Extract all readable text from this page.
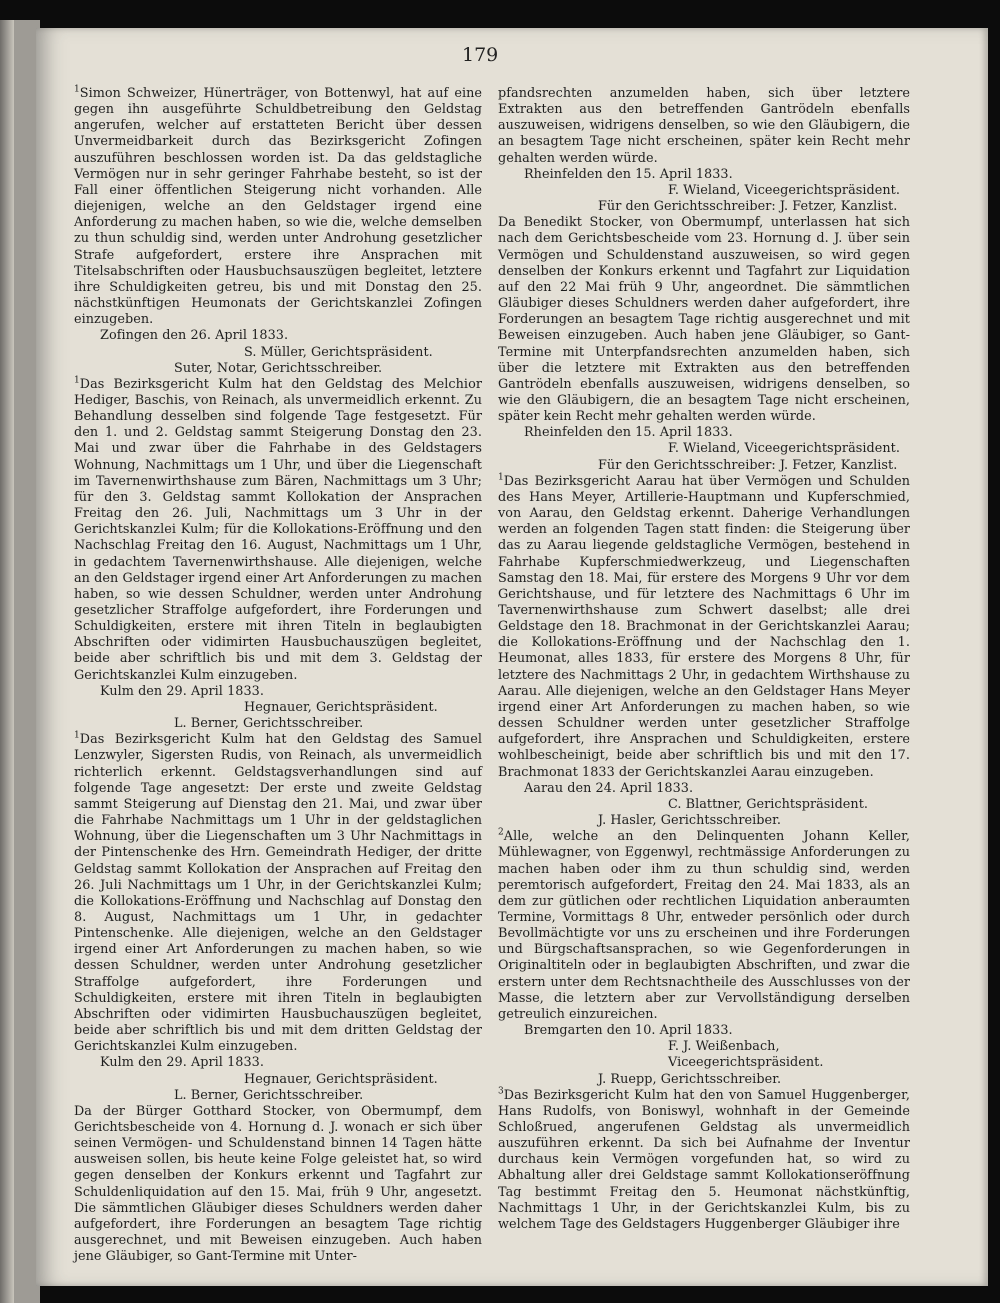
179

$^1$Simon Schweizer, Hünerträger, von Bottenwyl, hat auf eine gegen ihn ausgeführte Schuldbetreibung den Geldstag angerufen, welcher auf erstatteten Bericht über dessen Unvermeidbarkeit durch das Bezirksgericht Zofingen auszuführen beschlossen worden ist. Da das geldstagliche Vermögen nur in sehr geringer Fahrhabe besteht, so ist der Fall einer öffentlichen Steigerung nicht vorhanden. Alle diejenigen, welche an den Geldstager irgend eine Anforderung zu machen haben, so wie die, welche demselben zu thun schuldig sind, werden unter Androhung gesetzlicher Strafe aufgefordert, erstere ihre Ansprachen mit Titelsabschriften oder Hausbuchsauszügen begleitet, letztere ihre Schuldigkeiten getreu, bis und mit Donstag den 25. nächstkünftigen Heumonats der Gerichtskanzlei Zofingen einzugeben.

Zofingen den 26. April 1833.
S. Müller, Gerichtspräsident.
Suter, Notar, Gerichtsschreiber.

$^1$Das Bezirksgericht Kulm hat den Geldstag des Melchior Hediger, Baschis, von Reinach, als unvermeidlich erkennt. Zu Behandlung desselben sind folgende Tage festgesetzt. Für den 1. und 2. Geldstag sammt Steigerung Donstag den 23. Mai und zwar über die Fahrhabe in des Geldstagers Wohnung, Nachmittags um 1 Uhr, und über die Liegenschaft im Tavernenwirthshause zum Bären, Nachmittags um 3 Uhr; für den 3. Geldstag sammt Kollokation der Ansprachen Freitag den 26. Juli, Nachmittags um 3 Uhr in der Gerichtskanzlei Kulm; für die Kollokations-Eröffnung und den Nachschlag Freitag den 16. August, Nachmittags um 1 Uhr, in gedachtem Tavernenwirthshause. Alle diejenigen, welche an den Geldstager irgend einer Art Anforderungen zu machen haben, so wie dessen Schuldner, werden unter Androhung gesetzlicher Straffolge aufgefordert, ihre Forderungen und Schuldigkeiten, erstere mit ihren Titeln in beglaubigten Abschriften oder vidimirten Hausbuchauszügen begleitet, beide aber schriftlich bis und mit dem 3. Geldstag der Gerichtskanzlei Kulm einzugeben.

Kulm den 29. April 1833.
Hegnauer, Gerichtspräsident.
L. Berner, Gerichtsschreiber.

$^1$Das Bezirksgericht Kulm hat den Geldstag des Samuel Lenzwyler, Sigersten Rudis, von Reinach, als unvermeidlich richterlich erkennt. Geldstagsverhandlungen sind auf folgende Tage angesetzt: Der erste und zweite Geldstag sammt Steigerung auf Dienstag den 21. Mai, und zwar über die Fahrhabe Nachmittags um 1 Uhr in der geldstaglichen Wohnung, über die Liegenschaften um 3 Uhr Nachmittags in der Pintenschenke des Hrn. Gemeindrath Hediger, der dritte Geldstag sammt Kollokation der Ansprachen auf Freitag den 26. Juli Nachmittags um 1 Uhr, in der Gerichtskanzlei Kulm; die Kollokations-Eröffnung und Nachschlag auf Donstag den 8. August, Nachmittags um 1 Uhr, in gedachter Pintenschenke. Alle diejenigen, welche an den Geldstager irgend einer Art Anforderungen zu machen haben, so wie dessen Schuldner, werden unter Androhung gesetzlicher Straffolge aufgefordert, ihre Forderungen und Schuldigkeiten, erstere mit ihren Titeln in beglaubigten Abschriften oder vidimirten Hausbuchauszügen begleitet, beide aber schriftlich bis und mit dem dritten Geldstag der Gerichtskanzlei Kulm einzugeben.

Kulm den 29. April 1833.
Hegnauer, Gerichtspräsident.
L. Berner, Gerichtsschreiber.

Da der Bürger Gotthard Stocker, von Obermumpf, dem Gerichtsbescheide von 4. Hornung d. J. wonach er sich über seinen Vermögen- und Schuldenstand binnen 14 Tagen hätte ausweisen sollen, bis heute keine Folge geleistet hat, so wird gegen denselben der Konkurs erkennt und Tagfahrt zur Schuldenliquidation auf den 15. Mai, früh 9 Uhr, angesetzt. Die sämmtlichen Gläubiger dieses Schuldners werden daher aufgefordert, ihre Forderungen an besagtem Tage richtig ausgerechnet, und mit Beweisen einzugeben. Auch haben jene Gläubiger, so Gant-Termine mit Unter-

pfandsrechten anzumelden haben, sich über letztere Extrakten aus den betreffenden Gantrödeln ebenfalls auszuweisen, widrigens denselben, so wie den Gläubigern, die an besagtem Tage nicht erscheinen, später kein Recht mehr gehalten werden würde.

Rheinfelden den 15. April 1833.
F. Wieland, Viceegerichtspräsident.
Für den Gerichtsschreiber: J. Fetzer, Kanzlist.

Da Benedikt Stocker, von Obermumpf, unterlassen hat sich nach dem Gerichtsbescheide vom 23. Hornung d. J. über sein Vermögen und Schuldenstand auszuweisen, so wird gegen denselben der Konkurs erkennt und Tagfahrt zur Liquidation auf den 22 Mai früh 9 Uhr, angeordnet. Die sämmtlichen Gläubiger dieses Schuldners werden daher aufgefordert, ihre Forderungen an besagtem Tage richtig ausgerechnet und mit Beweisen einzugeben. Auch haben jene Gläubiger, so Gant-Termine mit Unterpfandsrechten anzumelden haben, sich über die letztere mit Extrakten aus den betreffenden Gantrödeln ebenfalls auszuweisen, widrigens denselben, so wie den Gläubigern, die an besagtem Tage nicht erscheinen, später kein Recht mehr gehalten werden würde.

Rheinfelden den 15. April 1833.
F. Wieland, Viceegerichtspräsident.
Für den Gerichtsschreiber: J. Fetzer, Kanzlist.

$^1$Das Bezirksgericht Aarau hat über Vermögen und Schulden des Hans Meyer, Artillerie-Hauptmann und Kupferschmied, von Aarau, den Geldstag erkennt. Daherige Verhandlungen werden an folgenden Tagen statt finden: die Steigerung über das zu Aarau liegende geldstagliche Vermögen, bestehend in Fahrhabe Kupferschmiedwerkzeug, und Liegenschaften Samstag den 18. Mai, für erstere des Morgens 9 Uhr vor dem Gerichtshause, und für letztere des Nachmittags 6 Uhr im Tavernenwirthshause zum Schwert daselbst; alle drei Geldstage den 18. Brachmonat in der Gerichtskanzlei Aarau; die Kollokations-Eröffnung und der Nachschlag den 1. Heumonat, alles 1833, für erstere des Morgens 8 Uhr, für letztere des Nachmittags 2 Uhr, in gedachtem Wirthshause zu Aarau. Alle diejenigen, welche an den Geldstager Hans Meyer irgend einer Art Anforderungen zu machen haben, so wie dessen Schuldner werden unter gesetzlicher Straffolge aufgefordert, ihre Ansprachen und Schuldigkeiten, erstere wohlbescheinigt, beide aber schriftlich bis und mit den 17. Brachmonat 1833 der Gerichtskanzlei Aarau einzugeben.

Aarau den 24. April 1833.
C. Blattner, Gerichtspräsident.
J. Hasler, Gerichtsschreiber.

$^2$Alle, welche an den Delinquenten Johann Keller, Mühlewagner, von Eggenwyl, rechtmässige Anforderungen zu machen haben oder ihm zu thun schuldig sind, werden peremtorisch aufgefordert, Freitag den 24. Mai 1833, als an dem zur gütlichen oder rechtlichen Liquidation anberaumten Termine, Vormittags 8 Uhr, entweder persönlich oder durch Bevollmächtigte vor uns zu erscheinen und ihre Forderungen und Bürgschaftsansprachen, so wie Gegenforderungen in Originaltiteln oder in beglaubigten Abschriften, und zwar die erstern unter dem Rechtsnachtheile des Ausschlusses von der Masse, die letztern aber zur Vervollständigung derselben getreulich einzureichen.

Bremgarten den 10. April 1833.
F. J. Weißenbach, Viceegerichtspräsident.
J. Ruepp, Gerichtsschreiber.

$^3$Das Bezirksgericht Kulm hat den von Samuel Huggenberger, Hans Rudolfs, von Boniswyl, wohnhaft in der Gemeinde Schloßrued, angerufenen Geldstag als unvermeidlich auszuführen erkennt. Da sich bei Aufnahme der Inventur durchaus kein Vermögen vorgefunden hat, so wird zu Abhaltung aller drei Geldstage sammt Kollokationseröffnung Tag bestimmt Freitag den 5. Heumonat nächstkünftig, Nachmittags 1 Uhr, in der Gerichtskanzlei Kulm, bis zu welchem Tage des Geldstagers Huggenberger Gläubiger ihre
